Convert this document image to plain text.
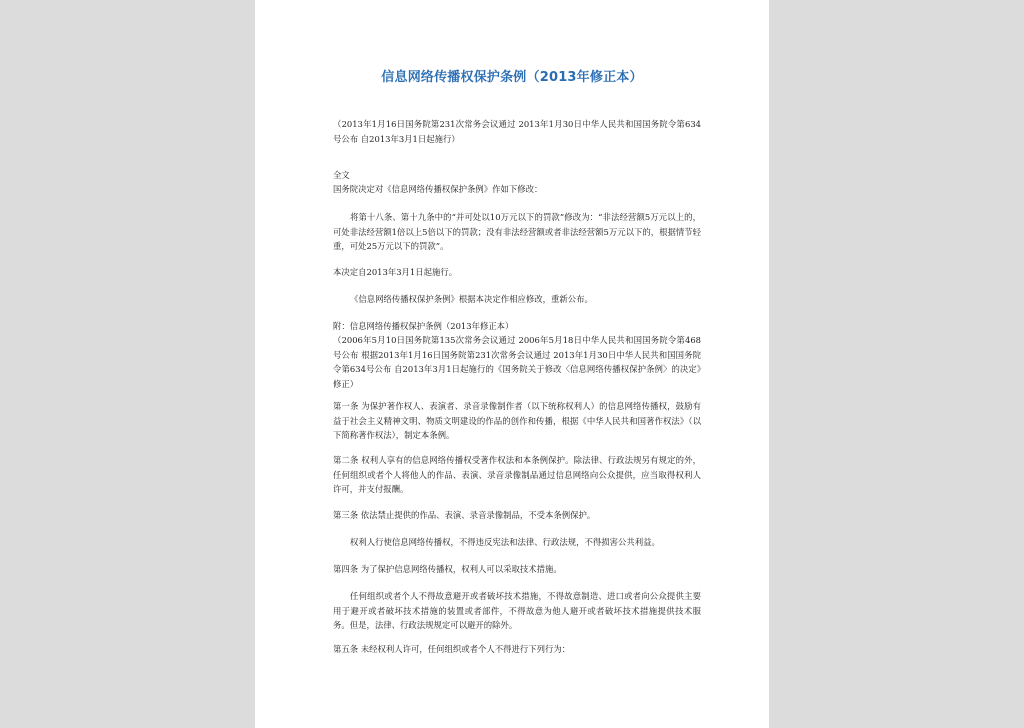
信息网络传播权保护条例（2013年修正本）
（2013年1月16日国务院第231次常务会议通过 2013年1月30日中华人民共和国国务院令第634号公布 自2013年3月1日起施行）
全文
国务院决定对《信息网络传播权保护条例》作如下修改：
将第十八条、第十九条中的“并可处以10万元以下的罚款”修改为：“非法经营额5万元以上的，可处非法经营额1倍以上5倍以下的罚款；没有非法经营额或者非法经营额5万元以下的，根据情节轻重，可处25万元以下的罚款”。
本决定自2013年3月1日起施行。
《信息网络传播权保护条例》根据本决定作相应修改，重新公布。
附：信息网络传播权保护条例（2013年修正本）
（2006年5月10日国务院第135次常务会议通过 2006年5月18日中华人民共和国国务院令第468号公布 根据2013年1月16日国务院第231次常务会议通过 2013年1月30日中华人民共和国国务院令第634号公布 自2013年3月1日起施行的《国务院关于修改〈信息网络传播权保护条例〉的决定》修正）
第一条 为保护著作权人、表演者、录音录像制作者（以下统称权利人）的信息网络传播权，鼓励有益于社会主义精神文明、物质文明建设的作品的创作和传播，根据《中华人民共和国著作权法》（以下简称著作权法），制定本条例。
第二条 权利人享有的信息网络传播权受著作权法和本条例保护。除法律、行政法规另有规定的外，任何组织或者个人将他人的作品、表演、录音录像制品通过信息网络向公众提供，应当取得权利人许可，并支付报酬。
第三条 依法禁止提供的作品、表演、录音录像制品，不受本条例保护。
权利人行使信息网络传播权，不得违反宪法和法律、行政法规，不得损害公共利益。
第四条 为了保护信息网络传播权，权利人可以采取技术措施。
任何组织或者个人不得故意避开或者破坏技术措施，不得故意制造、进口或者向公众提供主要用于避开或者破坏技术措施的装置或者部件，不得故意为他人避开或者破坏技术措施提供技术服务。但是，法律、行政法规规定可以避开的除外。
第五条 未经权利人许可，任何组织或者个人不得进行下列行为：
